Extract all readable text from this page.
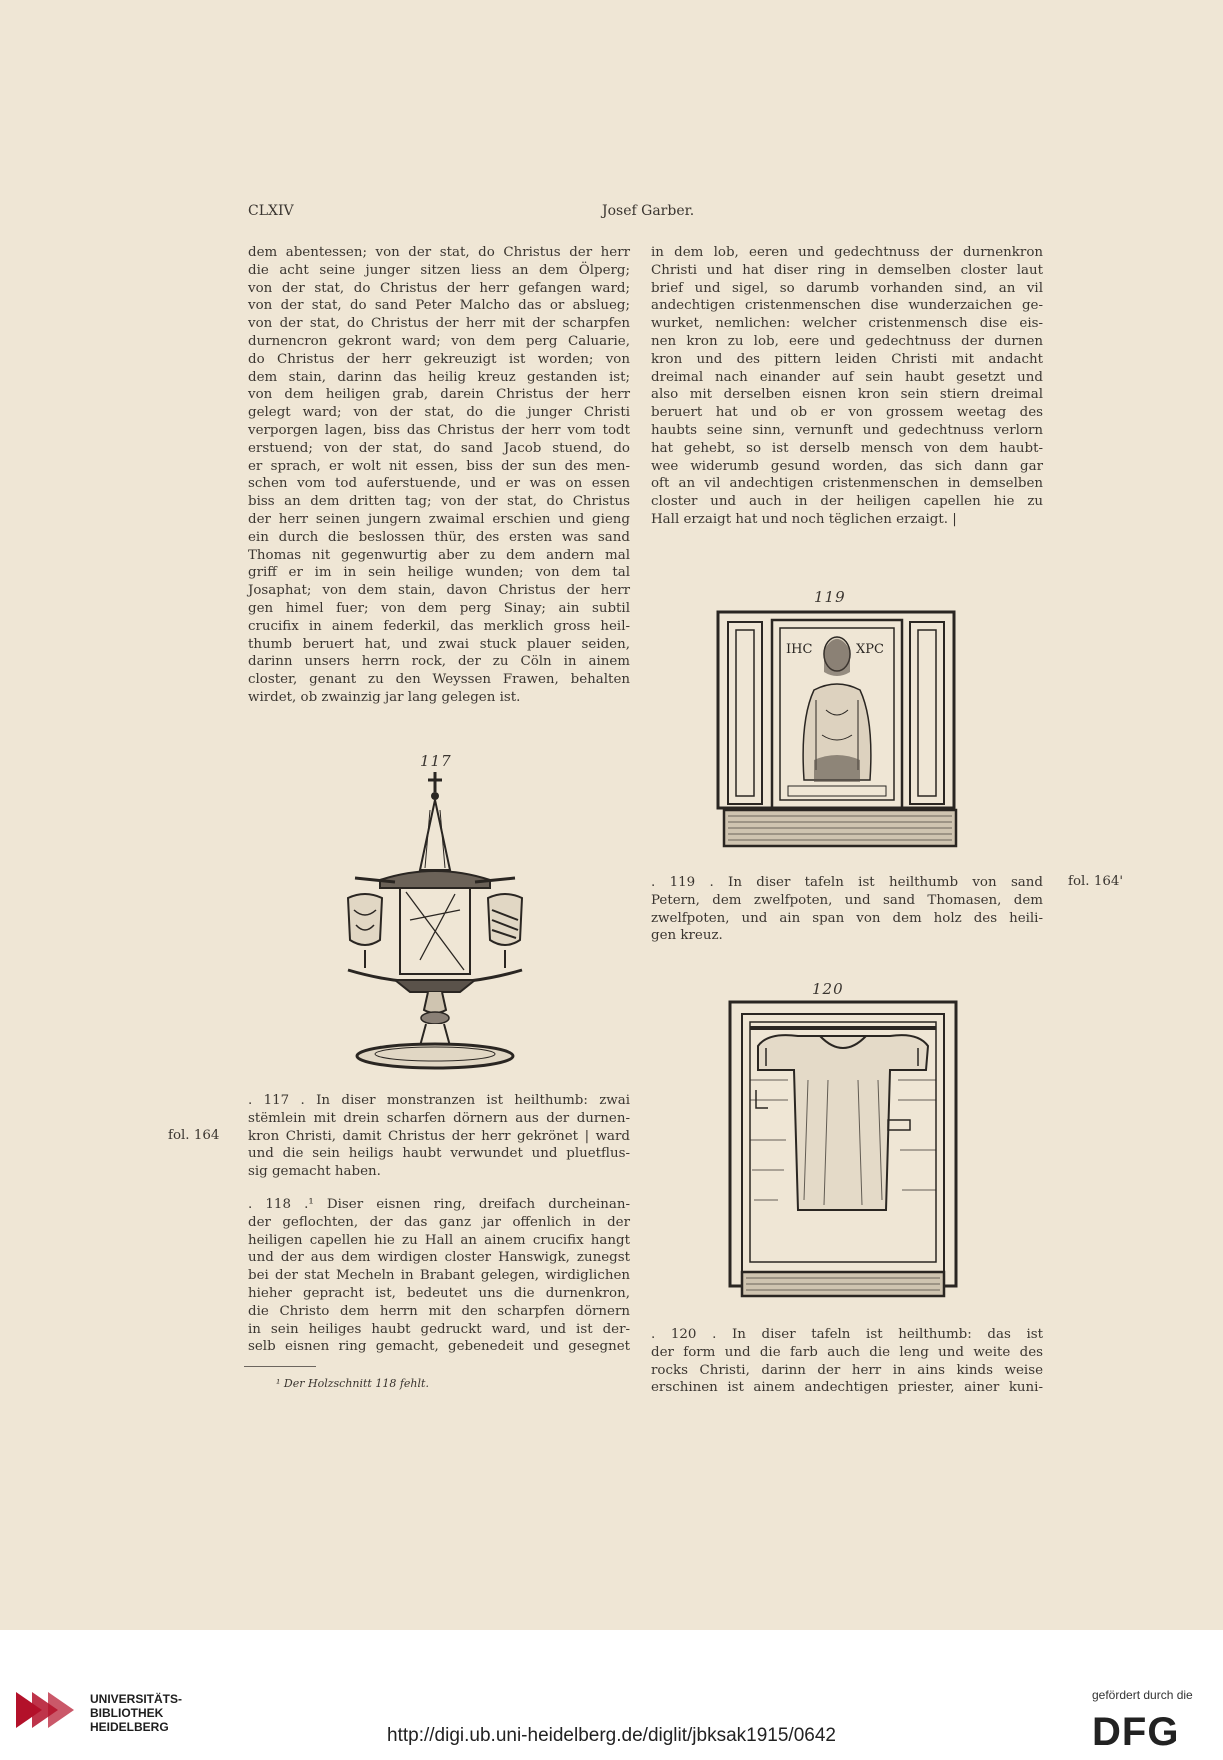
CLXIV	Josef Garber.
dem abentessen; von der stat, do Christus der herr
die acht seine junger sitzen liess an dem Ölperg;
von der stat, do Christus der herr gefangen ward;
von der stat, do sand Peter Malcho das or abslueg;
von der stat, do Christus der herr mit der scharpfen
durnencron gekront ward; von dem perg Caluarie,
do Christus der herr gekreuzigt ist worden; von
dem stain, darinn das heilig kreuz gestanden ist;
von dem heiligen grab, darein Christus der herr
gelegt ward; von der stat, do die junger Christi
verporgen lagen, biss das Christus der herr vom todt
erstuend; von der stat, do sand Jacob stuend, do
er sprach, er wolt nit essen, biss der sun des men-
schen vom tod auferstuende, und er was on essen
biss an dem dritten tag; von der stat, do Christus
der herr seinen jungern zwaimal erschien und gieng
ein durch die beslossen thür, des ersten was sand
Thomas nit gegenwurtig aber zu dem andern mal
griff er im in sein heilige wunden; von dem tal
Josaphat; von dem stain, davon Christus der herr
gen himel fuer; von dem perg Sinay; ain subtil
crucifix in ainem federkil, das merklich gross heil-
thumb beruert hat, und zwai stuck plauer seiden,
darinn unsers herrn rock, der zu Cöln in ainem
closter, genant zu den Weyssen Frawen, behalten
wirdet, ob zwainzig jar lang gelegen ist.
in dem lob, eeren und gedechtnuss der durnenkron
Christi und hat diser ring in demselben closter laut
brief und sigel, so darumb vorhanden sind, an vil
andechtigen cristenmenschen dise wunderzaichen ge-
wurket, nemlichen: welcher cristenmensch dise eis-
nen kron zu lob, eere und gedechtnuss der durnen
kron und des pittern leiden Christi mit andacht
dreimal nach einander auf sein haubt gesetzt und
also mit derselben eisnen kron sein stiern dreimal
beruert hat und ob er von grossem weetag des
haubts seine sinn, vernunft und gedechtnuss verlorn
hat gehebt, so ist derselb mensch von dem haubt-
wee widerumb gesund worden, das sich dann gar
oft an vil andechtigen cristenmenschen in demselben
closter und auch in der heiligen capellen hie zu
Hall erzaigt hat und noch tëglichen erzaigt. |
119
IHC	XPC
117
120
. 117 . In diser monstranzen ist heilthumb: zwai
stëmlein mit drein scharfen dörnern aus der durnen-
kron Christi, damit Christus der herr gekrönet | ward
und die sein heiligs haubt verwundet und pluetflus-
sig gemacht haben.
fol. 164
. 118 .¹ Diser eisnen ring, dreifach durcheinan-
der geflochten, der das ganz jar offenlich in der
heiligen capellen hie zu Hall an ainem crucifix hangt
und der aus dem wirdigen closter Hanswigk, zunegst
bei der stat Mecheln in Brabant gelegen, wirdiglichen
hieher gepracht ist, bedeutet uns die durnenkron,
die Christo dem herrn mit den scharpfen dörnern
in sein heiliges haubt gedruckt ward, und ist der-
selb eisnen ring gemacht, gebenedeit und gesegnet
¹ Der Holzschnitt 118 fehlt.
. 119 . In diser tafeln ist heilthumb von sand
Petern, dem zwelfpoten, und sand Thomasen, dem
zwelfpoten, und ain span von dem holz des heili-
gen kreuz.
fol. 164'
. 120 . In diser tafeln ist heilthumb: das ist
der form und die farb auch die leng und weite des
rocks Christi, darinn der herr in ains kinds weise
erschinen ist ainem andechtigen priester, ainer kuni-
UNIVERSITÄTS-
BIBLIOTHEK
HEIDELBERG	http://digi.ub.uni-heidelberg.de/diglit/jbksak1915/0642
gefördert durch die
DFG
